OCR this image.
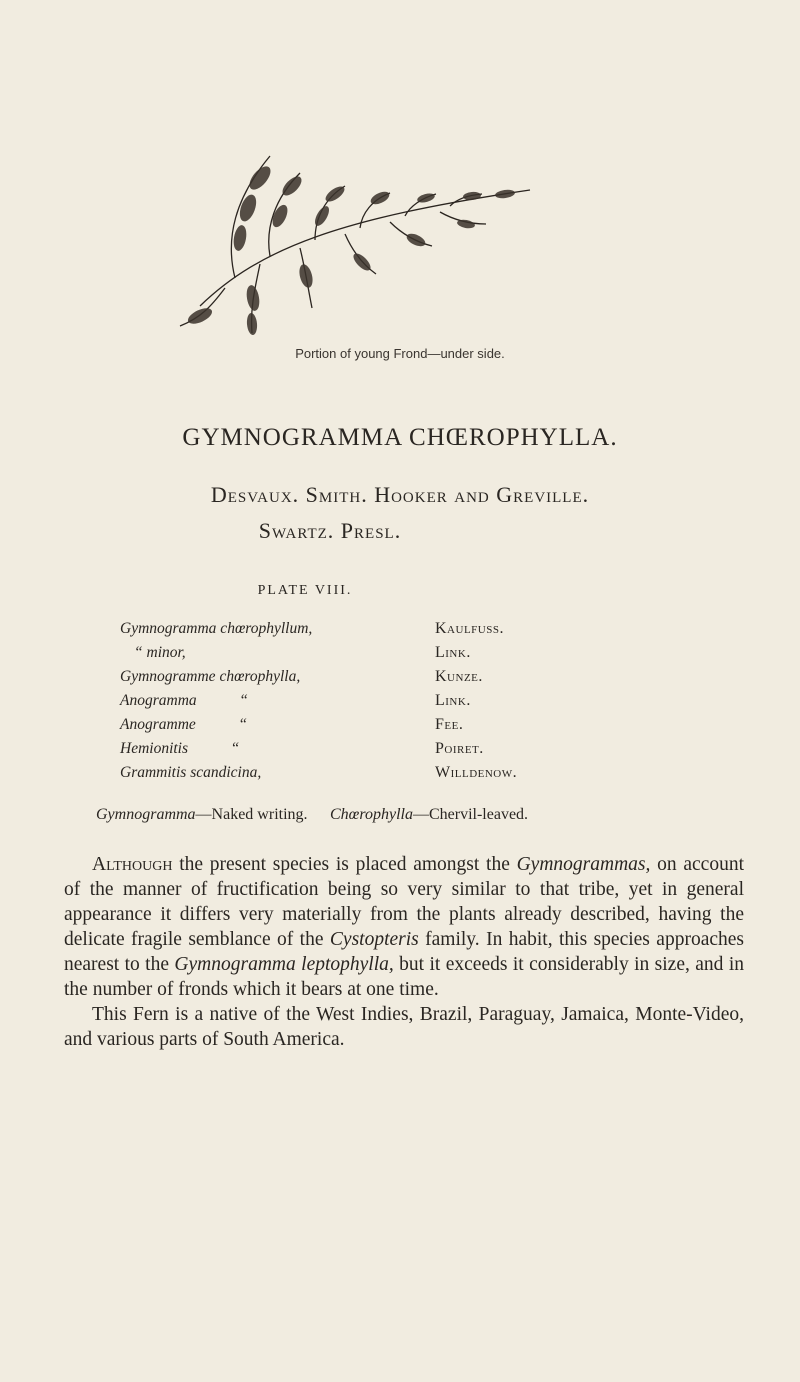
Portion of young Frond—under side.
GYMNOGRAMMA CHŒROPHYLLA.
Desvaux. Smith. Hooker and Greville.
Swartz. Presl.
PLATE VIII.
Gymnogramma chœrophyllum,	Kaulfuss.
“ minor,	Link.
Gymnogramme chœrophylla,	Kunze.
Anogramma           “	Link.
Anogramme           “	Fee.
Hemionitis           “	Poiret.
Grammitis scandicina,	Willdenow.
Gymnogramma—Naked writing. Chœrophylla—Chervil-leaved.

Although the present species is placed amongst the Gymnogrammas, on account of the manner of fructification being so very similar to that tribe, yet in general appearance it differs very materially from the plants already described, having the delicate fragile semblance of the Cystopteris family. In habit, this species approaches nearest to the Gymnogramma leptophylla, but it exceeds it considerably in size, and in the number of fronds which it bears at one time.

This Fern is a native of the West Indies, Brazil, Paraguay, Jamaica, Monte-Video, and various parts of South America.
